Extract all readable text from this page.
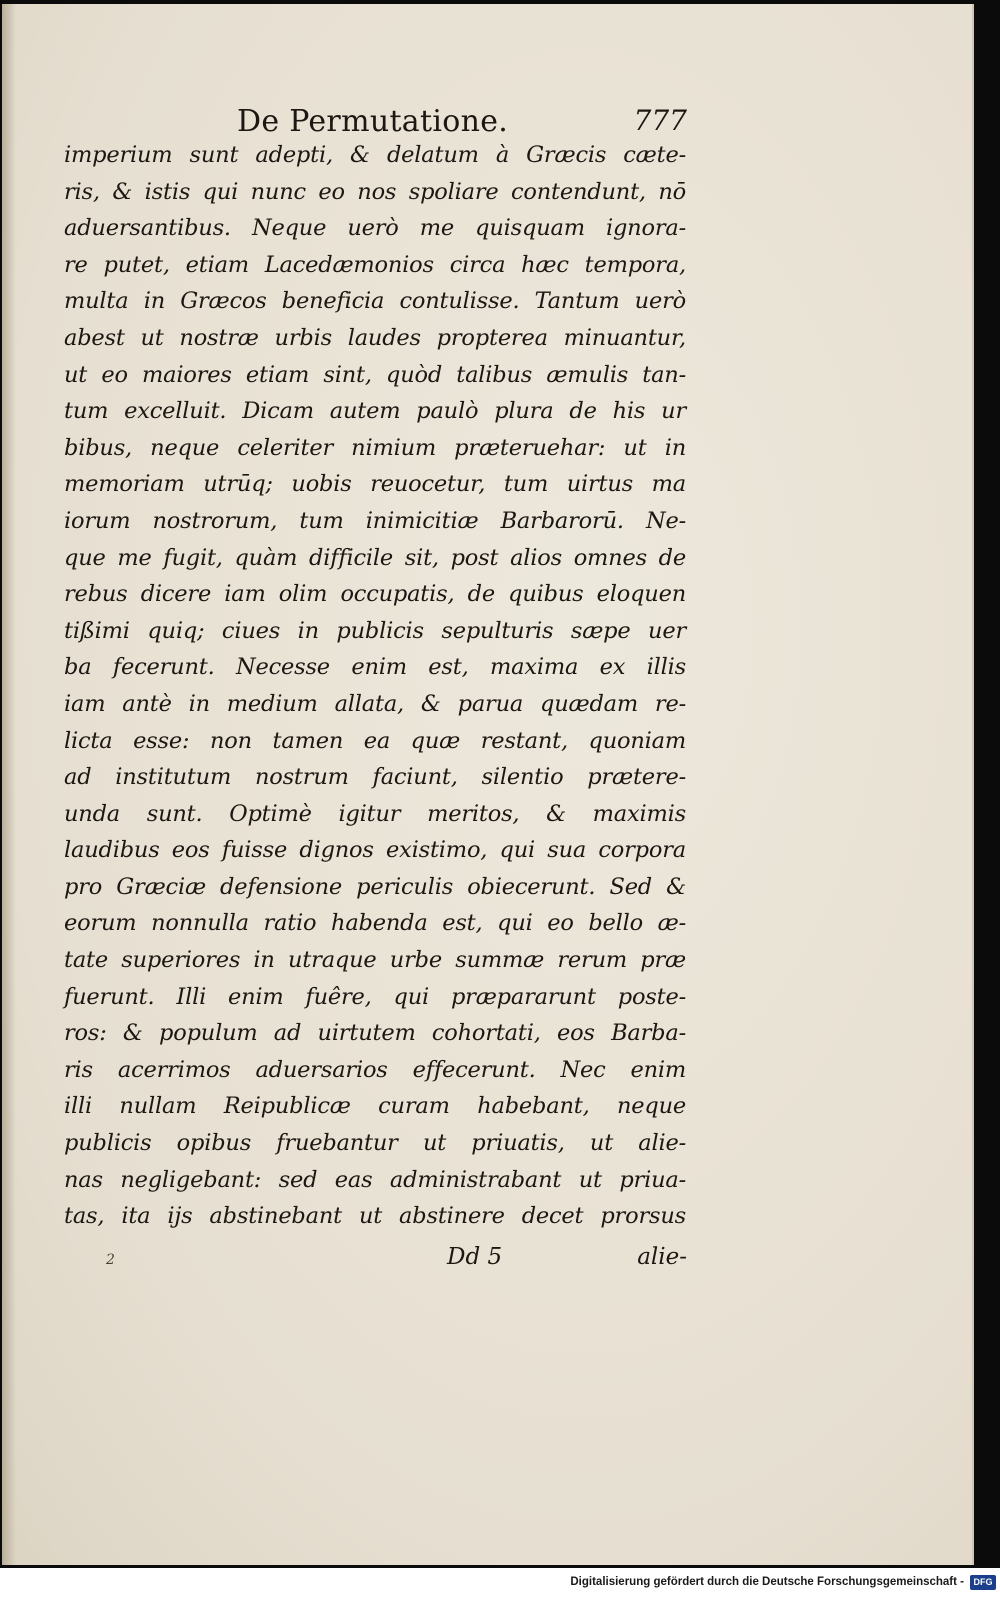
De Permutatione.	777
imperium sunt adepti, & delatum à Græcis cæte-
ris, & istis qui nunc eo nos spoliare contendunt, nō
aduersantibus. Neque uerò me quisquam ignora-
re putet, etiam Lacedæmonios circa hæc tempora,
multa in Græcos beneficia contulisse. Tantum uerò
abest ut nostræ urbis laudes propterea minuantur,
ut eo maiores etiam sint, quòd talibus æmulis tan-
tum excelluit. Dicam autem paulò plura de his ur
bibus, neque celeriter nimium præteruehar: ut in
memoriam utrūq; uobis reuocetur, tum uirtus ma
iorum nostrorum, tum inimicitiæ Barbarorū. Ne-
que me fugit, quàm difficile sit, post alios omnes de
rebus dicere iam olim occupatis, de quibus eloquen
tißimi quiq; ciues in publicis sepulturis sæpe uer
ba fecerunt. Necesse enim est, maxima ex illis
iam antè in medium allata, & parua quædam re-
licta esse: non tamen ea quæ restant, quoniam
ad institutum nostrum faciunt, silentio prætere-
unda sunt. Optimè igitur meritos, & maximis
laudibus eos fuisse dignos existimo, qui sua corpora
pro Græciæ defensione periculis obiecerunt. Sed &
eorum nonnulla ratio habenda est, qui eo bello æ-
tate superiores in utraque urbe summæ rerum præ
fuerunt. Illi enim fuêre, qui præpararunt poste-
ros: & populum ad uirtutem cohortati, eos Barba-
ris acerrimos aduersarios effecerunt. Nec enim
illi nullam Reipublicæ curam habebant, neque
publicis opibus fruebantur ut priuatis, ut alie-
nas negligebant: sed eas administrabant ut priua-
tas, ita ijs abstinebant ut abstinere decet prorsus
2	Dd 5	alie-
Digitalisierung gefördert durch die Deutsche Forschungsgemeinschaft -	DFG
